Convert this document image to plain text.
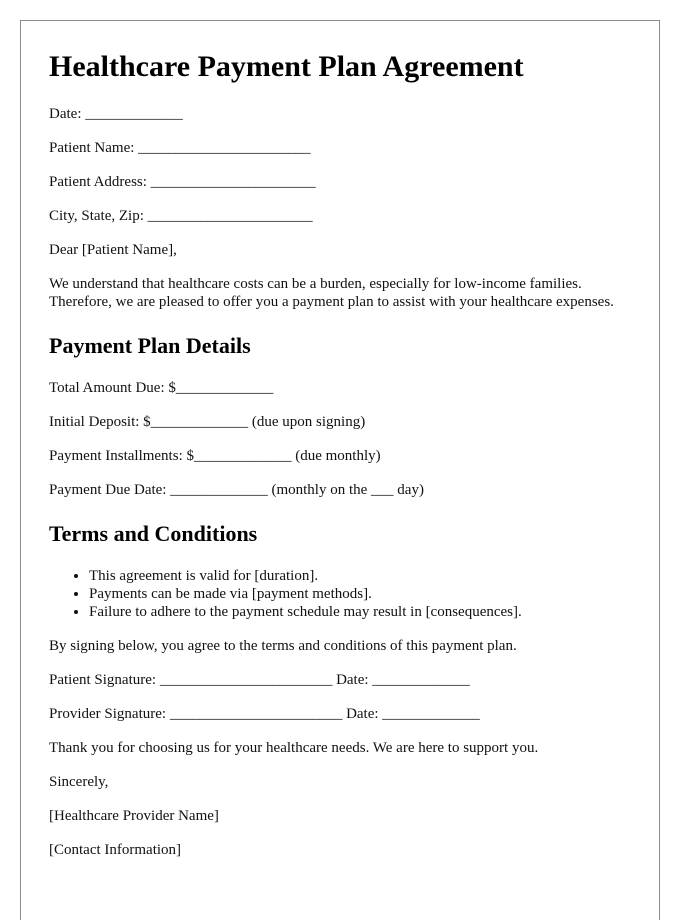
Healthcare Payment Plan Agreement

Date: _____________

Patient Name: _______________________

Patient Address: ______________________

City, State, Zip: ______________________

Dear [Patient Name],

We understand that healthcare costs can be a burden, especially for low-income families. Therefore, we are pleased to offer you a payment plan to assist with your healthcare expenses.

Payment Plan Details

Total Amount Due: $_____________

Initial Deposit: $_____________ (due upon signing)

Payment Installments: $_____________ (due monthly)

Payment Due Date: _____________ (monthly on the ___ day)

Terms and Conditions
• This agreement is valid for [duration].
• Payments can be made via [payment methods].
• Failure to adhere to the payment schedule may result in [consequences].

By signing below, you agree to the terms and conditions of this payment plan.

Patient Signature: _______________________ Date: _____________

Provider Signature: _______________________ Date: _____________

Thank you for choosing us for your healthcare needs. We are here to support you.

Sincerely,

[Healthcare Provider Name]

[Contact Information]
